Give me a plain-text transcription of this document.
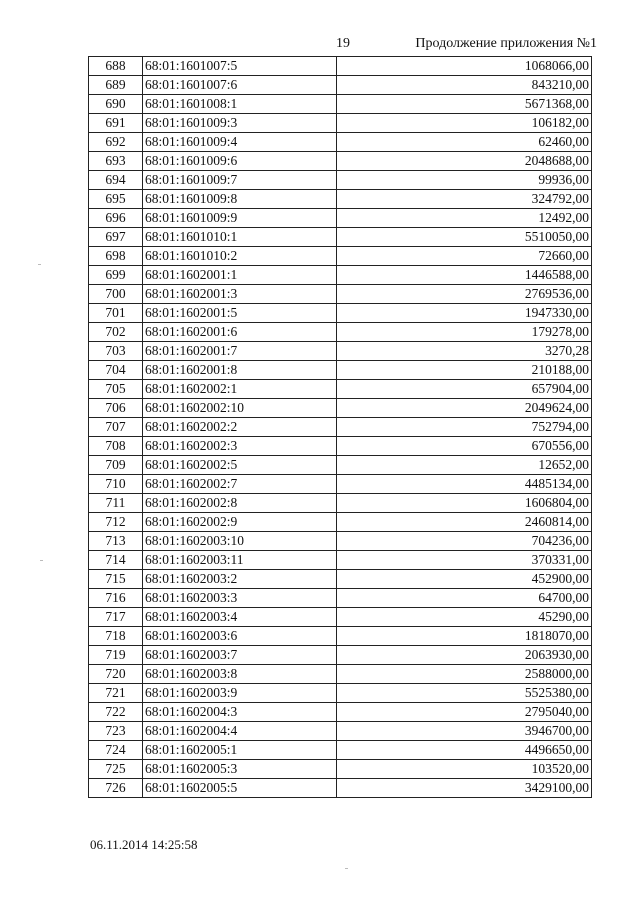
19	Продолжение приложения №1
688	68:01:1601007:5	1068066,00
689	68:01:1601007:6	843210,00
690	68:01:1601008:1	5671368,00
691	68:01:1601009:3	106182,00
692	68:01:1601009:4	62460,00
693	68:01:1601009:6	2048688,00
694	68:01:1601009:7	99936,00
695	68:01:1601009:8	324792,00
696	68:01:1601009:9	12492,00
697	68:01:1601010:1	5510050,00
698	68:01:1601010:2	72660,00
699	68:01:1602001:1	1446588,00
700	68:01:1602001:3	2769536,00
701	68:01:1602001:5	1947330,00
702	68:01:1602001:6	179278,00
703	68:01:1602001:7	3270,28
704	68:01:1602001:8	210188,00
705	68:01:1602002:1	657904,00
706	68:01:1602002:10	2049624,00
707	68:01:1602002:2	752794,00
708	68:01:1602002:3	670556,00
709	68:01:1602002:5	12652,00
710	68:01:1602002:7	4485134,00
711	68:01:1602002:8	1606804,00
712	68:01:1602002:9	2460814,00
713	68:01:1602003:10	704236,00
714	68:01:1602003:11	370331,00
715	68:01:1602003:2	452900,00
716	68:01:1602003:3	64700,00
717	68:01:1602003:4	45290,00
718	68:01:1602003:6	1818070,00
719	68:01:1602003:7	2063930,00
720	68:01:1602003:8	2588000,00
721	68:01:1602003:9	5525380,00
722	68:01:1602004:3	2795040,00
723	68:01:1602004:4	3946700,00
724	68:01:1602005:1	4496650,00
725	68:01:1602005:3	103520,00
726	68:01:1602005:5	3429100,00
06.11.2014 14:25:58
